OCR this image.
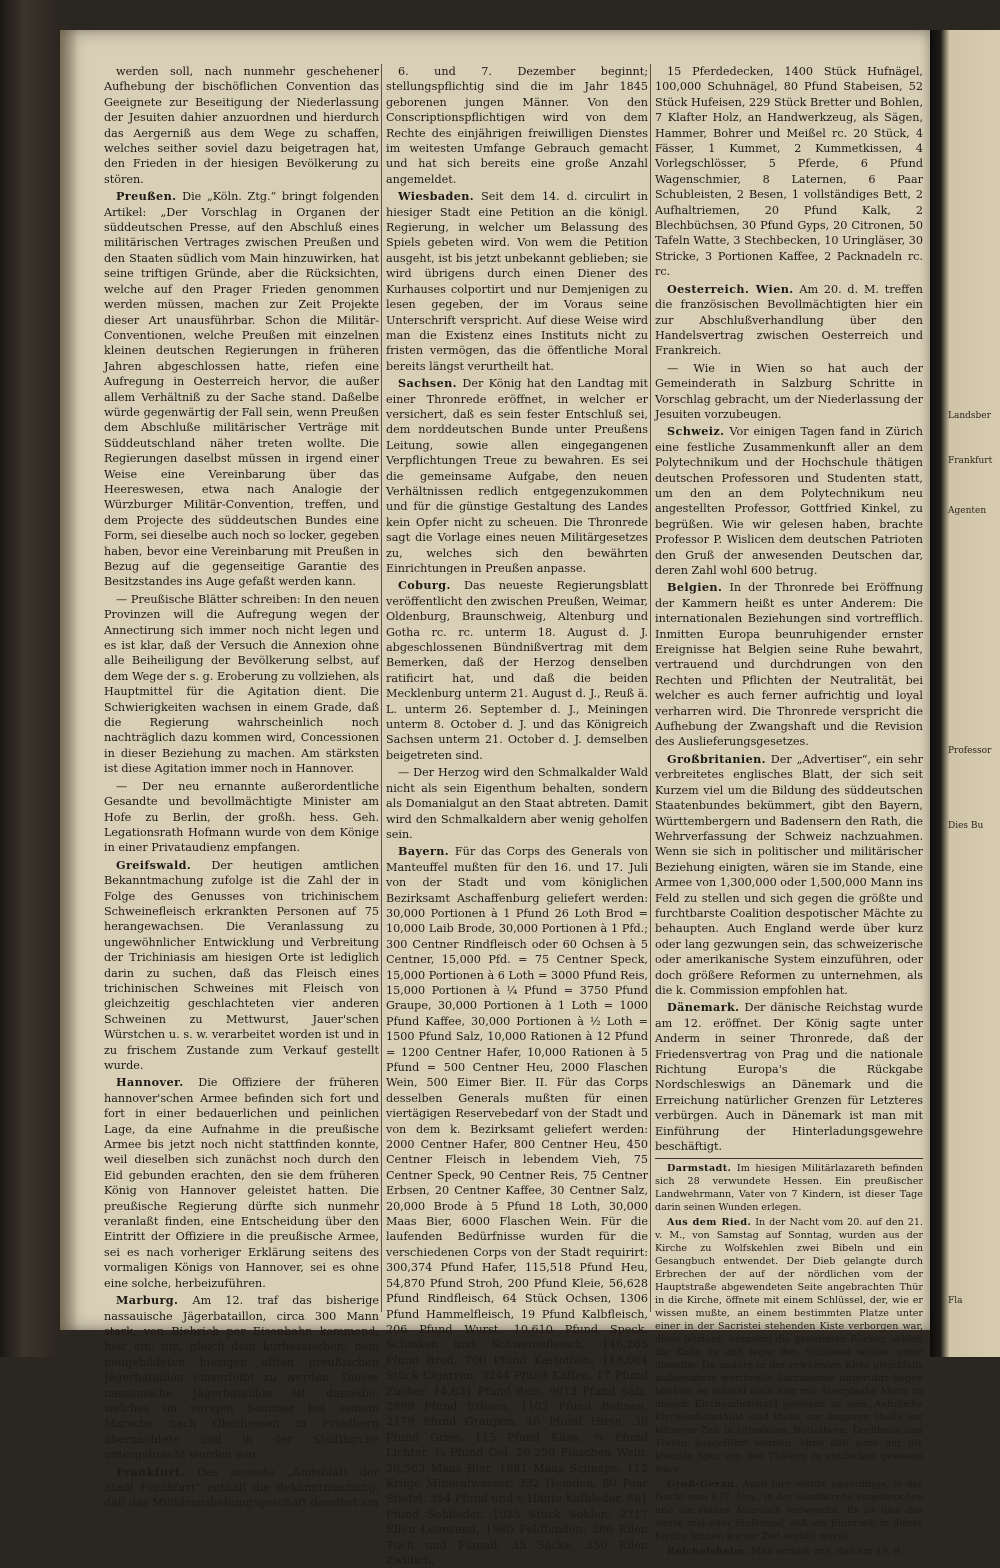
werden soll, nach nunmehr geschehener Aufhebung der bischöflichen Convention das Geeignete zur Beseitigung der Niederlassung der Jesuiten dahier anzuordnen und hierdurch das Aergerniß aus dem Wege zu schaffen, welches seither soviel dazu beigetragen hat, den Frieden in der hiesigen Bevölkerung zu stören.

Preußen. Die „Köln. Ztg.“ bringt folgenden Artikel: „Der Vorschlag in Organen der süddeutschen Presse, auf den Abschluß eines militärischen Vertrages zwischen Preußen und den Staaten südlich vom Main hinzuwirken, hat seine triftigen Gründe, aber die Rücksichten, welche auf den Prager Frieden genommen werden müssen, machen zur Zeit Projekte dieser Art unausführbar. Schon die Militär-Conventionen, welche Preußen mit einzelnen kleinen deutschen Regierungen in früheren Jahren abgeschlossen hatte, riefen eine Aufregung in Oesterreich hervor, die außer allem Verhältniß zu der Sache stand. Daßelbe würde gegenwärtig der Fall sein, wenn Preußen dem Abschluße militärischer Verträge mit Süddeutschland näher treten wollte. Die Regierungen daselbst müssen in irgend einer Weise eine Vereinbarung über das Heereswesen, etwa nach Analogie der Würzburger Militär-Convention, treffen, und dem Projecte des süddeutschen Bundes eine Form, sei dieselbe auch noch so locker, gegeben haben, bevor eine Vereinbarung mit Preußen in Bezug auf die gegenseitige Garantie des Besitzstandes ins Auge gefaßt werden kann.

— Preußische Blätter schreiben: In den neuen Provinzen will die Aufregung wegen der Annectirung sich immer noch nicht legen und es ist klar, daß der Versuch die Annexion ohne alle Beiheiligung der Bevölkerung selbst, auf dem Wege der s. g. Eroberung zu vollziehen, als Hauptmittel für die Agitation dient. Die Schwierigkeiten wachsen in einem Grade, daß die Regierung wahrscheinlich noch nachträglich dazu kommen wird, Concessionen in dieser Beziehung zu machen. Am stärksten ist diese Agitation immer noch in Hannover.

— Der neu ernannte außerordentliche Gesandte und bevollmächtigte Minister am Hofe zu Berlin, der großh. hess. Geh. Legationsrath Hofmann wurde von dem Könige in einer Privataudienz empfangen.

Greifswald. Der heutigen amtlichen Bekanntmachung zufolge ist die Zahl der in Folge des Genusses von trichinischem Schweinefleisch erkrankten Personen auf 75 herangewachsen. Die Veranlassung zu ungewöhnlicher Entwicklung und Verbreitung der Trichiniasis am hiesigen Orte ist lediglich darin zu suchen, daß das Fleisch eines trichinischen Schweines mit Fleisch von gleichzeitig geschlachteten vier anderen Schweinen zu Mettwurst, Jauer'schen Würstchen u. s. w. verarbeitet worden ist und in zu frischem Zustande zum Verkauf gestellt wurde.

Hannover. Die Offiziere der früheren hannover'schen Armee befinden sich fort und fort in einer bedauerlichen und peinlichen Lage, da eine Aufnahme in die preußische Armee bis jetzt noch nicht stattfinden konnte, weil dieselben sich zunächst noch durch den Eid gebunden erachten, den sie dem früheren König von Hannover geleistet hatten. Die preußische Regierung dürfte sich nunmehr veranlaßt finden, eine Entscheidung über den Eintritt der Offiziere in die preußische Armee, sei es nach vorheriger Erklärung seitens des vormaligen Königs von Hannover, sei es ohne eine solche, herbeizuführen.

Marburg. Am 12. traf das bisherige nassauische Jägerbataillon, circa 300 Mann stark, von Biebrich per Eisenbahn kommend, hier ein, um, gleich dem kurhessischen, dem neugebildeten hiesigen elften preußischen Jägerbataillon einverleibt zu werden. Dieses nassauische Jägerbataillon ist dasselbe, welches im vorigen Sommer bei seinem Marsche nach Oberhessen in Friedberg übernachtete und in der Stadtkirche untergebracht worden war.

Frankfurt. Das neueste „Amtsblatt der Stadt Frankfurt“ enthält die Bekanntmachung, daß das Militäraushebungsgeschäft daselbst am

6. und 7. Dezember beginnt; stellungspflichtig sind die im Jahr 1845 geborenen jungen Männer. Von den Conscriptionspflichtigen wird von dem Rechte des einjährigen freiwilligen Dienstes im weitesten Umfange Gebrauch gemacht und hat sich bereits eine große Anzahl angemeldet.

Wiesbaden. Seit dem 14. d. circulirt in hiesiger Stadt eine Petition an die königl. Regierung, in welcher um Belassung des Spiels gebeten wird. Von wem die Petition ausgeht, ist bis jetzt unbekannt geblieben; sie wird übrigens durch einen Diener des Kurhauses colportirt und nur Demjenigen zu lesen gegeben, der im Voraus seine Unterschrift verspricht. Auf diese Weise wird man die Existenz eines Instituts nicht zu fristen vermögen, das die öffentliche Moral bereits längst verurtheilt hat.

Sachsen. Der König hat den Landtag mit einer Thronrede eröffnet, in welcher er versichert, daß es sein fester Entschluß sei, dem norddeutschen Bunde unter Preußens Leitung, sowie allen eingegangenen Verpflichtungen Treue zu bewahren. Es sei die gemeinsame Aufgabe, den neuen Verhältnissen redlich entgegenzukommen und für die günstige Gestaltung des Landes kein Opfer nicht zu scheuen. Die Thronrede sagt die Vorlage eines neuen Militärgesetzes zu, welches sich den bewährten Einrichtungen in Preußen anpasse.

Coburg. Das neueste Regierungsblatt veröffentlicht den zwischen Preußen, Weimar, Oldenburg, Braunschweig, Altenburg und Gotha rc. rc. unterm 18. August d. J. abgeschlossenen Bündnißvertrag mit dem Bemerken, daß der Herzog denselben ratificirt hat, und daß die beiden Mecklenburg unterm 21. August d. J., Reuß ä. L. unterm 26. September d. J., Meiningen unterm 8. October d. J. und das Königreich Sachsen unterm 21. October d. J. demselben beigetreten sind.

— Der Herzog wird den Schmalkalder Wald nicht als sein Eigenthum behalten, sondern als Domanialgut an den Staat abtreten. Damit wird den Schmalkaldern aber wenig geholfen sein.

Bayern. Für das Corps des Generals von Manteuffel mußten für den 16. und 17. Juli von der Stadt und vom königlichen Bezirksamt Aschaffenburg geliefert werden: 30,000 Portionen à 1 Pfund 26 Loth Brod = 10,000 Laib Brode, 30,000 Portionen à 1 Pfd.; 300 Centner Rindfleisch oder 60 Ochsen à 5 Centner, 15,000 Pfd. = 75 Centner Speck, 15,000 Portionen à 6 Loth = 3000 Pfund Reis, 15,000 Portionen à ¼ Pfund = 3750 Pfund Graupe, 30,000 Portionen à 1 Loth = 1000 Pfund Kaffee, 30,000 Portionen à ½ Loth = 1500 Pfund Salz, 10,000 Rationen à 12 Pfund = 1200 Centner Hafer, 10,000 Rationen à 5 Pfund = 500 Centner Heu, 2000 Flaschen Wein, 500 Eimer Bier. II. Für das Corps desselben Generals mußten für einen viertägigen Reservebedarf von der Stadt und von dem k. Bezirksamt geliefert werden: 2000 Centner Hafer, 800 Centner Heu, 450 Centner Fleisch in lebendem Vieh, 75 Centner Speck, 90 Centner Reis, 75 Centner Erbsen, 20 Centner Kaffee, 30 Centner Salz, 20,000 Brode à 5 Pfund 18 Loth, 30,000 Maas Bier, 6000 Flaschen Wein. Für die laufenden Bedürfnisse wurden für die verschiedenen Corps von der Stadt requirirt: 300,374 Pfund Hafer, 115,518 Pfund Heu, 54,870 Pfund Stroh, 200 Pfund Kleie, 56,628 Pfund Rindfleisch, 64 Stück Ochsen, 1306 Pfund Hammelfleisch, 19 Pfund Kalbfleisch, 206 Pfund Wurst, 10,610 Pfund Speck, Schinken und Schweinefleisch, 146,265 Pfund Brod, 700 Pfund Kartoffeln, 118,084 Stück Cigarren, 3244 Pfund Kaffee, 17 Pfund Zucker, 14,631 Pfund Reis, 9013 Pfund Salz, 2898 Pfund Erbsen, 1102 Pfund Bohnen, 2179 Pfund Graupen, 46 Pfund Hirse, 38 Pfund Gries, 115 Pfund Käse, ¾ Pfund Lichter, ¾ Pfund Oel, 20,250 Flaschen Wein, 28,563 Maas Bier, 1681 Maas Schnaps, 112 Krüge Mineralwasser, 332 Hemden, 80 Paar Stiefel, 354 Pfund und 6 Häute Kalbleder, 881 Pfund Sohlleder, 1025 Stück Sohlen, 2717 Ellen Leinwand, 1980 Feldbinden, 286 Ellen Tuch und Flanell, 35 Säcke, 350 Ellen Zwillich,

15 Pferdedecken, 1400 Stück Hufnägel, 100,000 Schuhnägel, 80 Pfund Stabeisen, 52 Stück Hufeisen, 229 Stück Bretter und Bohlen, 7 Klafter Holz, an Handwerkzeug, als Sägen, Hammer, Bohrer und Meißel rc. 20 Stück, 4 Fässer, 1 Kummet, 2 Kummetkissen, 4 Vorlegschlösser, 5 Pferde, 6 Pfund Wagenschmier, 8 Laternen, 6 Paar Schubleisten, 2 Besen, 1 vollständiges Bett, 2 Aufhaltriemen, 20 Pfund Kalk, 2 Blechbüchsen, 30 Pfund Gyps, 20 Citronen, 50 Tafeln Watte, 3 Stechbecken, 10 Uringläser, 30 Stricke, 3 Portionen Kaffee, 2 Packnadeln rc. rc.

Oesterreich. Wien. Am 20. d. M. treffen die französischen Bevollmächtigten hier ein zur Abschlußverhandlung über den Handelsvertrag zwischen Oesterreich und Frankreich.

— Wie in Wien so hat auch der Gemeinderath in Salzburg Schritte in Vorschlag gebracht, um der Niederlassung der Jesuiten vorzubeugen.

Schweiz. Vor einigen Tagen fand in Zürich eine festliche Zusammenkunft aller an dem Polytechnikum und der Hochschule thätigen deutschen Professoren und Studenten statt, um den an dem Polytechnikum neu angestellten Professor, Gottfried Kinkel, zu begrüßen. Wie wir gelesen haben, brachte Professor P. Wislicen dem deutschen Patrioten den Gruß der anwesenden Deutschen dar, deren Zahl wohl 600 betrug.

Belgien. In der Thronrede bei Eröffnung der Kammern heißt es unter Anderem: Die internationalen Beziehungen sind vortrefflich. Inmitten Europa beunruhigender ernster Ereignisse hat Belgien seine Ruhe bewahrt, vertrauend und durchdrungen von den Rechten und Pflichten der Neutralität, bei welcher es auch ferner aufrichtig und loyal verharren wird. Die Thronrede verspricht die Aufhebung der Zwangshaft und die Revision des Auslieferungsgesetzes.

Großbritanien. Der „Advertiser“, ein sehr verbreitetes englisches Blatt, der sich seit Kurzem viel um die Bildung des süddeutschen Staatenbundes bekümmert, gibt den Bayern, Württembergern und Badensern den Rath, die Wehrverfassung der Schweiz nachzuahmen. Wenn sie sich in politischer und militärischer Beziehung einigten, wären sie im Stande, eine Armee von 1,300,000 oder 1,500,000 Mann ins Feld zu stellen und sich gegen die größte und furchtbarste Coalition despotischer Mächte zu behaupten. Auch England werde über kurz oder lang gezwungen sein, das schweizerische oder amerikanische System einzuführen, oder doch größere Reformen zu unternehmen, als die k. Commission empfohlen hat.

Dänemark. Der dänische Reichstag wurde am 12. eröffnet. Der König sagte unter Anderm in seiner Thronrede, daß der Friedensvertrag von Prag und die nationale Richtung Europa's die Rückgabe Nordschleswigs an Dänemark und die Erreichung natürlicher Grenzen für Letzteres verbürgen. Auch in Dänemark ist man mit Einführung der Hinterladungsgewehre beschäftigt.

Darmstadt. Im hiesigen Militärlazareth befinden sich 28 verwundete Hessen. Ein preußischer Landwehrmann, Vater von 7 Kindern, ist dieser Tage darin seinen Wunden erlegen.

Aus dem Ried. In der Nacht vom 20. auf den 21. v. M., von Samstag auf Sonntag, wurden aus der Kirche zu Wolfskehlen zwei Bibeln und ein Gesangbuch entwendet. Der Dieb gelangte durch Erbrechen der auf der nördlichen vom der Hauptstraße abgewendeten Seite angebrachten Thür in die Kirche, öffnete mit einem Schlüssel, der, wie er wissen mußte, an einem bestimmten Platze unter einer in der Sacristei stehenden Kiste verborgen war, diese letztere, entnahm die genannten Bücher, schloß die Kiste zu und legte den Schlüssel wieder unter dieselbe. Da andere in der erwähnten Kiste gleichfalls aufbewahrte werthvolle Sacramente unberührt liegen blieben, so scheint auch hier nur Aberglaube Motiv zu diesem Kirchendiebstahl gewesen zu sein. Aehnliche Kirchendiebstähle sind theils vor längerer, theils vor kürzerer Zeit in Griesheim, Büttelborn, Dornheim und Trebur ausgeführt worden, ohne daß auch nur die kleinste Spur von den Thätern zu entdecken gewesen wäre.

Groß-Gerau. Auch hier wurde neuerdings, in der Nacht vom 6./7. Nov., in der Stadtkirche eingebrochen und ein rothes Altartuch entwendet. Es ist dies das vierte mal oder fünftemal, daß ein Einbruch in dieser Kirche binnen kurzer Zeit verübt wurde.

Reichelsheim. Man erzählt uns, daß am 19. d.

Landsber
Frankfurt
Agenten
Professor
Dies Bu
Fla
